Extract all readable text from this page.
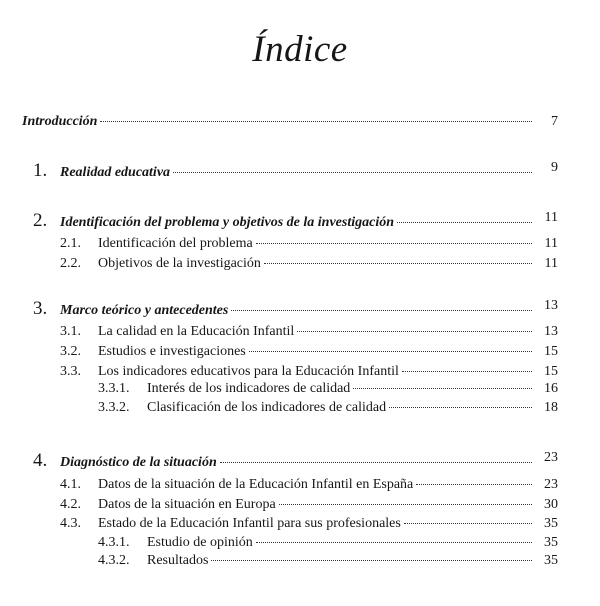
Índice
Introducción	7
1. Realidad educativa	9
2. Identificación del problema y objetivos de la investigación	11
2.1.	Identificación del problema	11
2.2.	Objetivos de la investigación	11
3. Marco teórico y antecedentes	13
3.1.	La calidad en la Educación Infantil	13
3.2.	Estudios e investigaciones	15
3.3.	Los indicadores educativos para la Educación Infantil	15
3.3.1.	Interés de los indicadores de calidad	16
3.3.2.	Clasificación de los indicadores de calidad	18
4. Diagnóstico de la situación	23
4.1.	Datos de la situación de la Educación Infantil en España	23
4.2.	Datos de la situación en Europa	30
4.3.	Estado de la Educación Infantil para sus profesionales	35
4.3.1.	Estudio de opinión	35
4.3.2.	Resultados	35
